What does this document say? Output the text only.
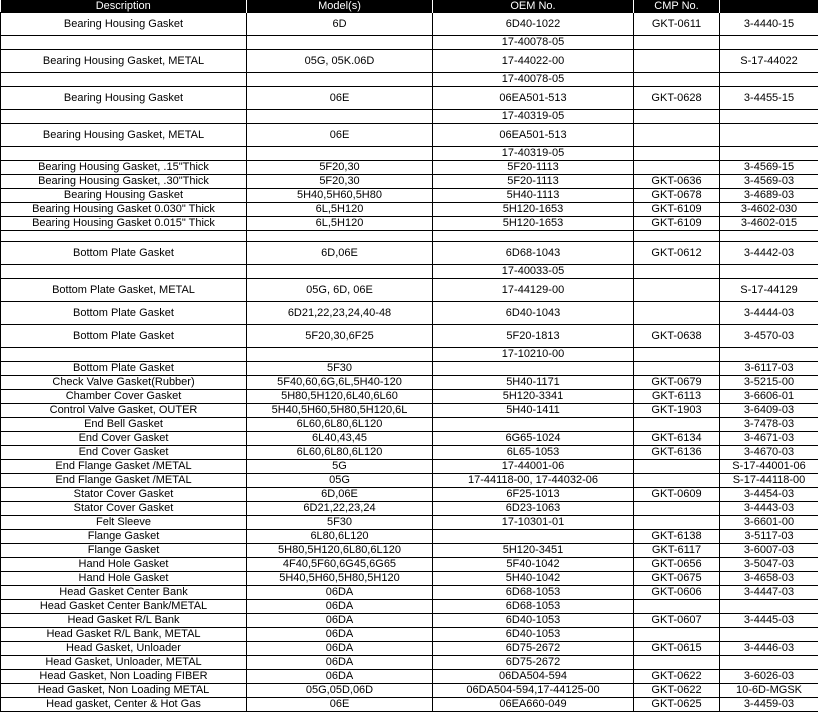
Description	Model(s)	OEM No.	CMP No.	
Bearing Housing Gasket	6D	6D40-1022	GKT-0611	3-4440-15
		17-40078-05		
Bearing Housing Gasket, METAL	05G, 05K.06D	17-44022-00		S-17-44022
		17-40078-05		
Bearing Housing Gasket	06E	06EA501-513	GKT-0628	3-4455-15
		17-40319-05		
Bearing Housing Gasket, METAL	06E	06EA501-513		
		17-40319-05		
Bearing Housing Gasket, .15"Thick	5F20,30	5F20-1113		3-4569-15
Bearing Housing Gasket, .30"Thick	5F20,30	5F20-1113	GKT-0636	3-4569-03
Bearing Housing Gasket	5H40,5H60,5H80	5H40-1113	GKT-0678	3-4689-03
Bearing Housing Gasket 0.030" Thick	6L,5H120	5H120-1653	GKT-6109	3-4602-030
Bearing Housing Gasket 0.015" Thick	6L,5H120	5H120-1653	GKT-6109	3-4602-015

Bottom Plate Gasket	6D,06E	6D68-1043	GKT-0612	3-4442-03
		17-40033-05		
Bottom Plate Gasket, METAL	05G, 6D, 06E	17-44129-00		S-17-44129
Bottom Plate Gasket	6D21,22,23,24,40-48	6D40-1043		3-4444-03
Bottom Plate Gasket	5F20,30,6F25	5F20-1813	GKT-0638	3-4570-03
		17-10210-00		
Bottom Plate Gasket	5F30			3-6117-03
Check Valve Gasket(Rubber)	5F40,60,6G,6L,5H40-120	5H40-1171	GKT-0679	3-5215-00
Chamber Cover Gasket	5H80,5H120,6L40,6L60	5H120-3341	GKT-6113	3-6606-01
Control Valve Gasket, OUTER	5H40,5H60,5H80,5H120,6L	5H40-1411	GKT-1903	3-6409-03
End Bell Gasket	6L60,6L80,6L120			3-7478-03
End Cover Gasket	6L40,43,45	6G65-1024	GKT-6134	3-4671-03
End Cover Gasket	6L60,6L80,6L120	6L65-1053	GKT-6136	3-4670-03
End Flange Gasket /METAL	5G	17-44001-06		S-17-44001-06
End Flange Gasket /METAL	05G	17-44118-00, 17-44032-06		S-17-44118-00
Stator Cover Gasket	6D,06E	6F25-1013	GKT-0609	3-4454-03
Stator Cover Gasket	6D21,22,23,24	6D23-1063		3-4443-03
Felt Sleeve	5F30	17-10301-01		3-6601-00
Flange Gasket	6L80,6L120		GKT-6138	3-5117-03
Flange Gasket	5H80,5H120,6L80,6L120	5H120-3451	GKT-6117	3-6007-03
Hand Hole Gasket	4F40,5F60,6G45,6G65	5F40-1042	GKT-0656	3-5047-03
Hand Hole Gasket	5H40,5H60,5H80,5H120	5H40-1042	GKT-0675	3-4658-03
Head Gasket Center Bank	06DA	6D68-1053	GKT-0606	3-4447-03
Head Gasket Center Bank/METAL	06DA	6D68-1053		
Head Gasket R/L Bank	06DA	6D40-1053	GKT-0607	3-4445-03
Head Gasket R/L Bank, METAL	06DA	6D40-1053		
Head Gasket, Unloader	06DA	6D75-2672	GKT-0615	3-4446-03
Head Gasket, Unloader, METAL	06DA	6D75-2672		
Head Gasket, Non Loading FIBER	06DA	06DA504-594	GKT-0622	3-6026-03
Head Gasket, Non Loading METAL	05G,05D,06D	06DA504-594,17-44125-00	GKT-0622	10-6D-MGSK
Head gasket, Center & Hot Gas	06E	06EA660-049	GKT-0625	3-4459-03
